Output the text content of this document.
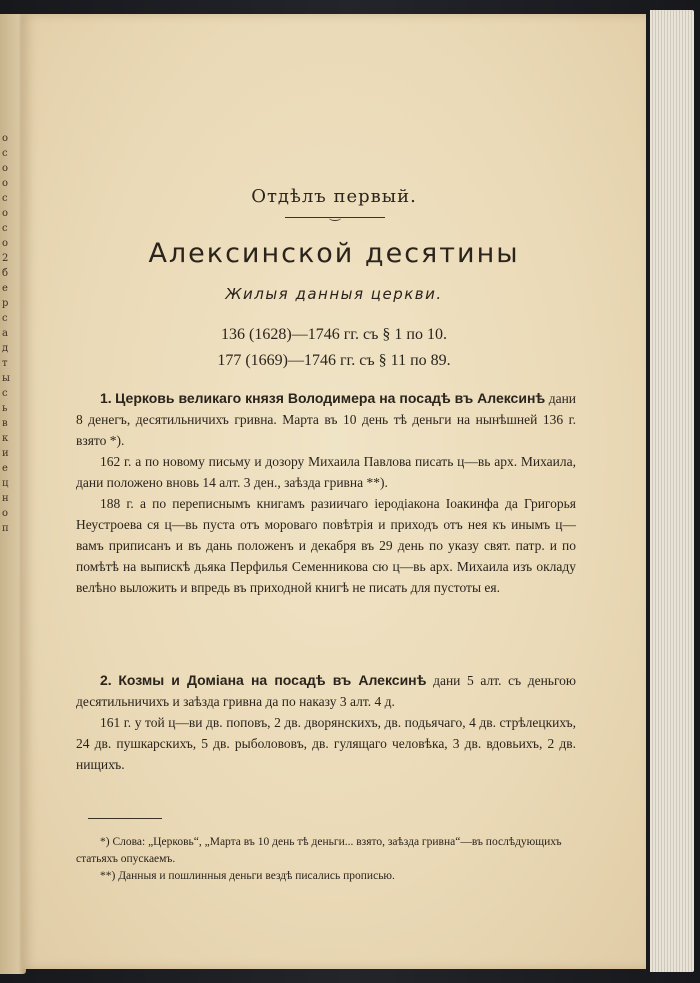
о
с
о
о
с
о
с
о
2
б
е
р
с
а
д
т
ы
с
ь
в
к
и
е
ц
н
о
п
Отдѣлъ первый.
Алексинской десятины
Жилыя данныя церкви.
136 (1628)—1746 гг. съ § 1 по 10.
177 (1669)—1746 гг. съ § 11 по 89.

1. Церковь великаго князя Володимера на посадѣ въ Алексинѣ дани 8 денегъ, десятильничихъ гривна. Марта въ 10 день тѣ деньги на нынѣшней 136 г. взято *).

162 г. а по новому письму и дозору Михаила Павлова писать ц—вь арх. Михаила, дани положено вновь 14 алт. 3 ден., заѣзда гривна **).

188 г. а по переписнымъ книгамъ разиичаго іеродіакона Іоакинфа да Григорья Неустроева ся ц—вь пуста отъ мороваго повѣтрія и приходъ отъ нея къ инымъ ц—вамъ приписанъ и въ дань положенъ и декабря въ 29 день по указу свят. патр. и по помѣтѣ на выпискѣ дьяка Перфилья Семенникова сю ц—вь арх. Михаила изъ окладу велѣно выложить и впредь въ приходной книгѣ не писать для пустоты ея.

2. Козмы и Доміана на посадѣ въ Алексинѣ дани 5 алт. съ деньгою десятильничихъ и заѣзда гривна да по наказу 3 алт. 4 д.

161 г. у той ц—ви дв. поповъ, 2 дв. дворянскихъ, дв. подьячаго, 4 дв. стрѣлецкихъ, 24 дв. пушкарскихъ, 5 дв. рыболововъ, дв. гулящаго человѣка, 3 дв. вдовьихъ, 2 дв. нищихъ.

*) Слова: „Церковь“, „Марта въ 10 день тѣ деньги... взято, заѣзда гривна“—въ послѣдующихъ статьяхъ опускаемъ.

**) Данныя и пошлинныя деньги вездѣ писались прописью.
